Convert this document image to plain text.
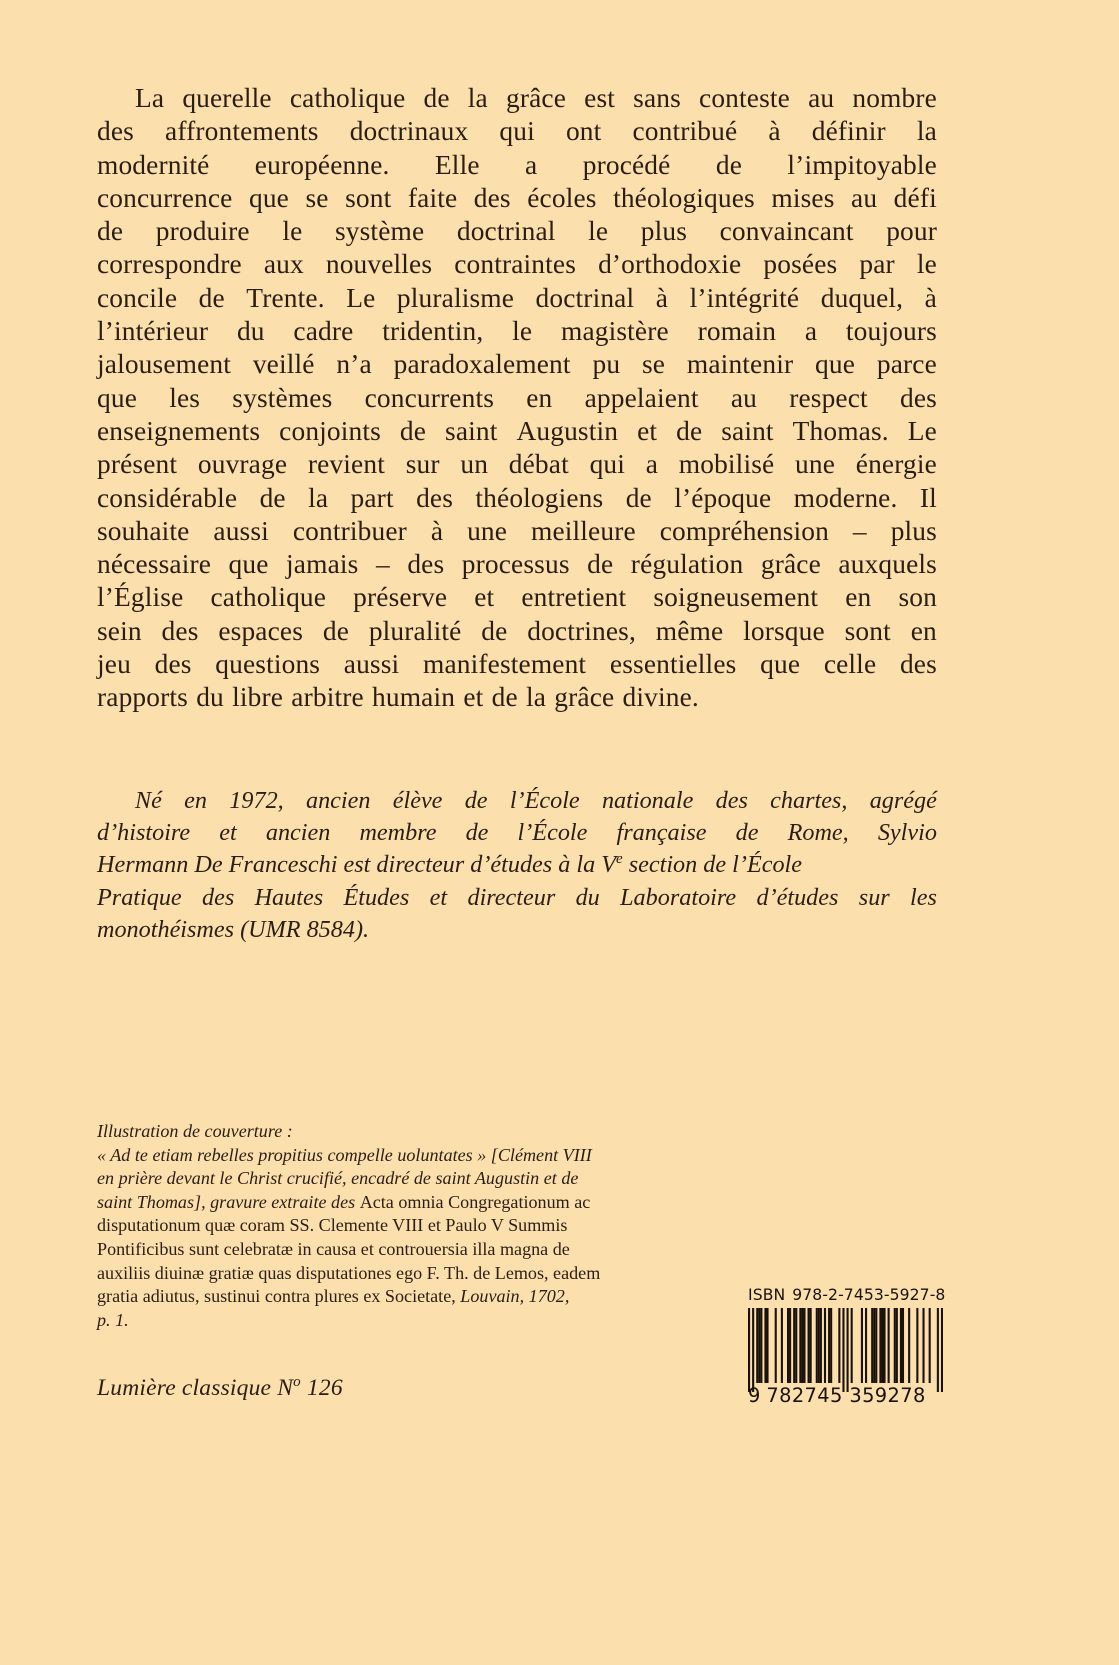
La querelle catholique de la grâce est sans conteste au nombre
des affrontements doctrinaux qui ont contribué à définir la
modernité européenne. Elle a procédé de l’impitoyable
concurrence que se sont faite des écoles théologiques mises au défi
de produire le système doctrinal le plus convaincant pour
correspondre aux nouvelles contraintes d’orthodoxie posées par le
concile de Trente. Le pluralisme doctrinal à l’intégrité duquel, à
l’intérieur du cadre tridentin, le magistère romain a toujours
jalousement veillé n’a paradoxalement pu se maintenir que parce
que les systèmes concurrents en appelaient au respect des
enseignements conjoints de saint Augustin et de saint Thomas. Le
présent ouvrage revient sur un débat qui a mobilisé une énergie
considérable de la part des théologiens de l’époque moderne. Il
souhaite aussi contribuer à une meilleure compréhension – plus
nécessaire que jamais – des processus de régulation grâce auxquels
l’Église catholique préserve et entretient soigneusement en son
sein des espaces de pluralité de doctrines, même lorsque sont en
jeu des questions aussi manifestement essentielles que celle des
rapports du libre arbitre humain et de la grâce divine.
Né en 1972, ancien élève de l’École nationale des chartes, agrégé
d’histoire et ancien membre de l’École française de Rome, Sylvio
Hermann De Franceschi est directeur d’études à la Ve section de l’École
Pratique des Hautes Études et directeur du Laboratoire d’études sur les
monothéismes (UMR 8584).
Illustration de couverture :
« Ad te etiam rebelles propitius compelle uoluntates » [Clément VIII
en prière devant le Christ crucifié, encadré de saint Augustin et de
saint Thomas], gravure extraite des Acta omnia Congregationum ac
disputationum quæ coram SS. Clemente VIII et Paulo V Summis
Pontificibus sunt celebratæ in causa et controuersia illa magna de
auxiliis diuinæ gratiæ quas disputationes ego F. Th. de Lemos, eadem
gratia adiutus, sustinui contra plures ex Societate, Louvain, 1702,
p. 1.
Lumière classique $N^o$ 126
ISBN 978-2-7453-5927-8
9 782745 359278
